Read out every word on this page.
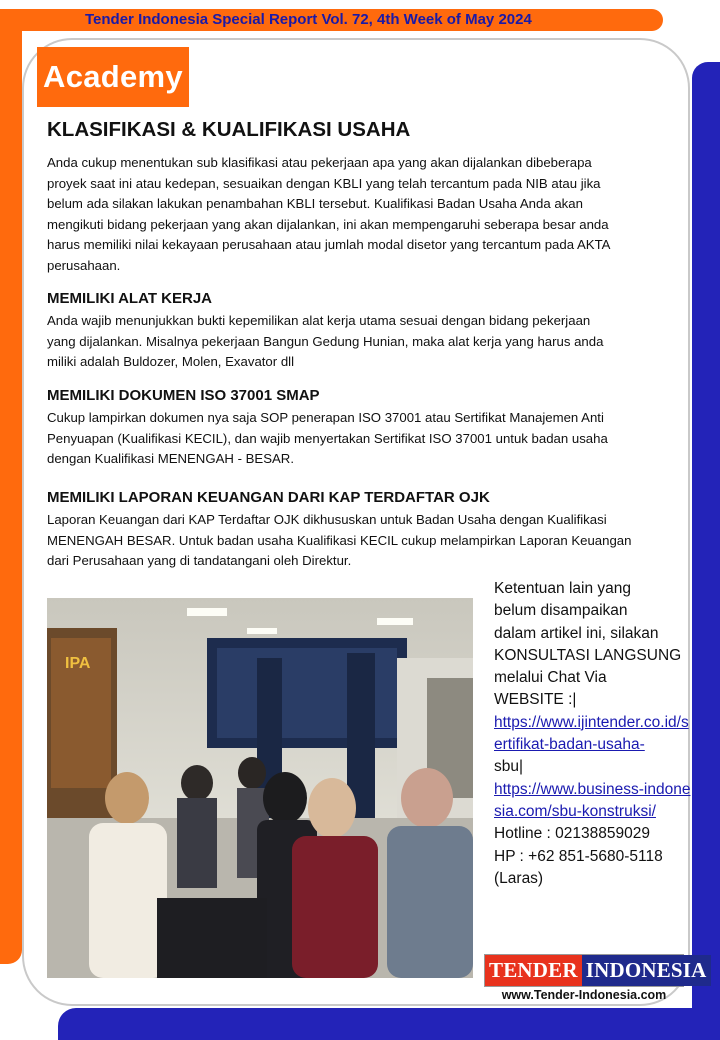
Tender Indonesia Special Report Vol. 72, 4th Week of May 2024
Academy
KLASIFIKASI & KUALIFIKASI USAHA
Anda cukup menentukan sub klasifikasi atau pekerjaan apa yang akan dijalankan dibeberapa
proyek saat ini atau kedepan, sesuaikan dengan KBLI yang telah tercantum pada NIB atau jika
belum ada silakan lakukan penambahan KBLI tersebut. Kualifikasi Badan Usaha Anda akan
mengikuti bidang pekerjaan yang akan dijalankan, ini akan mempengaruhi seberapa besar anda
harus memiliki nilai kekayaan perusahaan atau jumlah modal disetor yang tercantum pada AKTA
perusahaan.
MEMILIKI ALAT KERJA
Anda wajib menunjukkan bukti kepemilikan alat kerja utama sesuai dengan bidang pekerjaan
yang dijalankan. Misalnya pekerjaan Bangun Gedung Hunian, maka alat kerja yang harus anda
miliki adalah Buldozer, Molen, Exavator dll
MEMILIKI DOKUMEN ISO 37001 SMAP
Cukup lampirkan dokumen nya saja SOP penerapan ISO 37001 atau Sertifikat Manajemen Anti
Penyuapan (Kualifikasi KECIL), dan wajib menyertakan Sertifikat ISO 37001 untuk badan usaha
dengan Kualifikasi MENENGAH - BESAR.
MEMILIKI LAPORAN KEUANGAN DARI KAP TERDAFTAR OJK
Laporan Keuangan dari KAP Terdaftar OJK dikhususkan untuk Badan Usaha dengan Kualifikasi
MENENGAH BESAR. Untuk badan usaha Kualifikasi KECIL cukup melampirkan Laporan Keuangan
dari Perusahaan yang di tandatangani oleh Direktur.
IPA
Ketentuan lain yang
belum disampaikan
dalam artikel ini, silakan
KONSULTASI LANGSUNG
melalui Chat Via
WEBSITE :|
https://www.ijintender.co.id/sertifikat-badan-usaha-
sbu|
https://www.business-indonesia.com/sbu-konstruksi/
Hotline : 02138859029
HP : +62 851-5680-5118
(Laras)
TENDER INDONESIA
www.Tender-Indonesia.com
